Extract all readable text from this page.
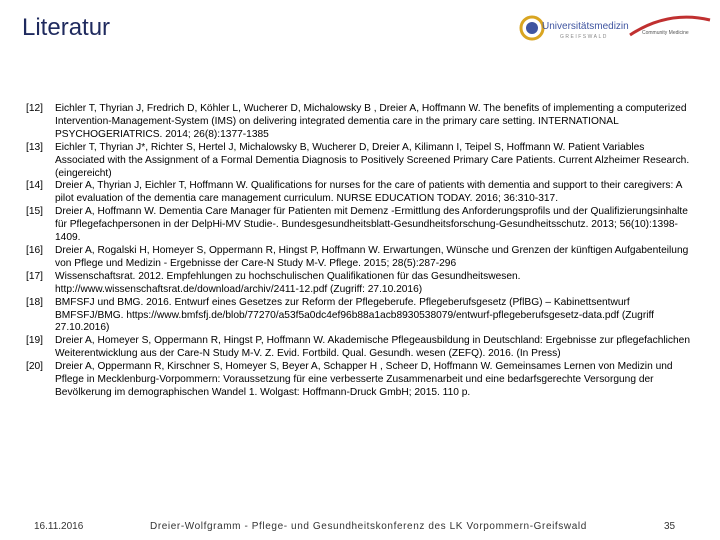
Literatur	Universitätsmedizin
GREIFSWALD
Community Medicine
[12]	Eichler T, Thyrian J, Fredrich D, Köhler L, Wucherer D, Michalowsky B , Dreier A, Hoffmann W. The benefits of implementing a computerized Intervention-Management-System (IMS) on delivering integrated dementia care in the primary care setting. INTERNATIONAL PSYCHOGERIATRICS. 2014; 26(8):1377-1385
[13]	Eichler T, Thyrian J*, Richter S, Hertel J, Michalowsky B, Wucherer D, Dreier A, Kilimann I, Teipel S, Hoffmann W. Patient Variables Associated with the Assignment of a Formal Dementia Diagnosis to Positively Screened Primary Care Patients. Current Alzheimer Research. (eingereicht)
[14]	Dreier A, Thyrian J, Eichler T, Hoffmann W. Qualifications for nurses for the care of patients with dementia and support to their caregivers: A pilot evaluation of the dementia care management curriculum. NURSE EDUCATION TODAY. 2016; 36:310-317.
[15]	Dreier A, Hoffmann W. Dementia Care Manager für Patienten mit Demenz -Ermittlung des Anforderungsprofils und der Qualifizierungsinhalte für Pflegefachpersonen in der DelpHi-MV Studie-. Bundesgesundheitsblatt-Gesundheitsforschung-Gesundheitsschutz. 2013; 56(10):1398-1409.
[16]	Dreier A, Rogalski H, Homeyer S, Oppermann R, Hingst P, Hoffmann W. Erwartungen, Wünsche und Grenzen der künftigen Aufgabenteilung von Pflege und Medizin - Ergebnisse der Care-N Study M-V. Pflege. 2015; 28(5):287-296
[17]	Wissenschaftsrat. 2012. Empfehlungen zu hochschulischen Qualifikationen für das Gesundheitswesen. http://www.wissenschaftsrat.de/download/archiv/2411-12.pdf (Zugriff: 27.10.2016)
[18]	BMFSFJ und BMG. 2016. Entwurf eines Gesetzes zur Reform der Pflegeberufe. Pflegeberufsgesetz (PflBG) – Kabinettsentwurf BMFSFJ/BMG. https://www.bmfsfj.de/blob/77270/a53f5a0dc4ef96b88a1acb8930538079/entwurf-pflegeberufsgesetz-data.pdf (Zugriff 27.10.2016)
[19]	Dreier A, Homeyer S, Oppermann R, Hingst P, Hoffmann W. Akademische Pflegeausbildung in Deutschland: Ergebnisse zur pflegefachlichen Weiterentwicklung aus der Care-N Study M-V. Z. Evid. Fortbild. Qual. Gesundh. wesen (ZEFQ). 2016. (In Press)
[20]	Dreier A, Oppermann R, Kirschner S, Homeyer S, Beyer A, Schapper H , Scheer D, Hoffmann W. Gemeinsames Lernen von Medizin und Pflege in Mecklenburg-Vorpommern: Voraussetzung für eine verbesserte Zusammenarbeit und eine bedarfsgerechte Versorgung der Bevölkerung im demographischen Wandel 1. Wolgast: Hoffmann-Druck GmbH; 2015. 110 p.
16.11.2016	Dreier-Wolfgramm - Pflege- und Gesundheitskonferenz des LK Vorpommern-Greifswald	35
